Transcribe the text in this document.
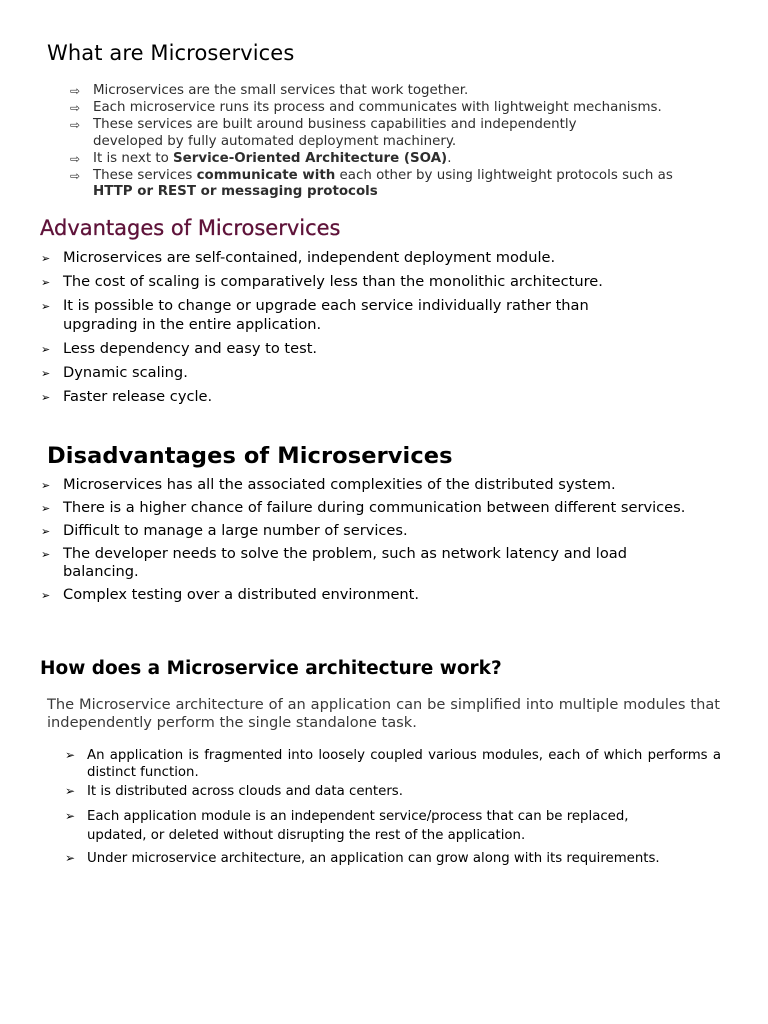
What are Microservices
⇨ Microservices are the small services that work together.
⇨ Each microservice runs its process and communicates with lightweight mechanisms.
⇨ These services are built around business capabilities and independently developed by fully automated deployment machinery.
⇨ It is next to Service-Oriented Architecture (SOA).
⇨ These services communicate with each other by using lightweight protocols such as
HTTP or REST or messaging protocols
Advantages of Microservices
➢ Microservices are self-contained, independent deployment module.
➢ The cost of scaling is comparatively less than the monolithic architecture.
➢ It is possible to change or upgrade each service individually rather than upgrading in the entire application.
➢ Less dependency and easy to test.
➢ Dynamic scaling.
➢ Faster release cycle.
Disadvantages of Microservices
➢ Microservices has all the associated complexities of the distributed system.
➢ There is a higher chance of failure during communication between different services.
➢ Difficult to manage a large number of services.
➢ The developer needs to solve the problem, such as network latency and load balancing.
➢ Complex testing over a distributed environment.
How does a Microservice architecture work?

The Microservice architecture of an application can be simplified into multiple modules that independently perform the single standalone task.

➢ An application is fragmented into loosely coupled various modules, each of which performs a distinct function.
➢ It is distributed across clouds and data centers.
➢ Each application module is an independent service/process that can be replaced, updated, or deleted without disrupting the rest of the application.
➢ Under microservice architecture, an application can grow along with its requirements.
